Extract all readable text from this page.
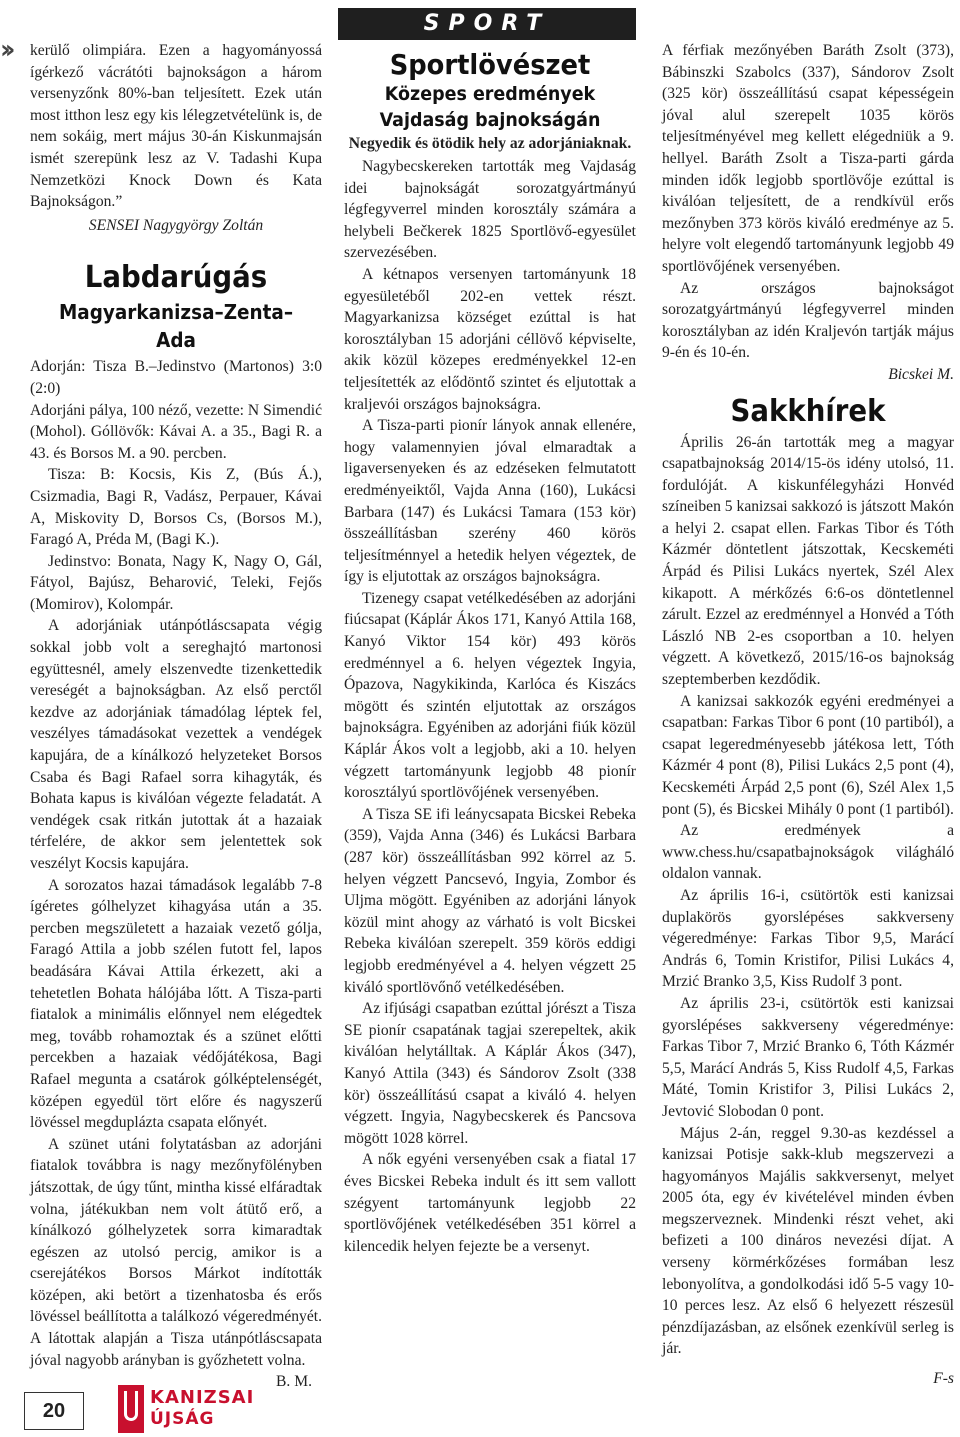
SPORT
›› kerülő olimpiára. Ezen a hagyományossá ígérkező vácrátóti bajnokságon a három versenyzőnk 80%-ban teljesített. Ezek után most itthon lesz egy kis lélegzetvételünk is, de nem sokáig, mert május 30-án Kiskunmajsán ismét szerepünk lesz az V. Tadashi Kupa Nemzetközi Knock Down és Kata Bajnokságon.”

SENSEI Nagygyörgy Zoltán
Labdarúgás
Magyarkanizsa–Zenta–Ada

Adorján: Tisza B.–Jedinstvo (Martonos) 3:0 (2:0)

Adorjáni pálya, 100 néző, vezette: N Simendić (Mohol). Góllövők: Kávai A. a 35., Bagi R. a 43. és Borsos M. a 90. percben.

Tisza: B: Kocsis, Kis Z, (Bús Á.), Csizmadia, Bagi R, Vadász, Perpauer, Kávai A, Miskovity D, Borsos Cs, (Borsos M.), Faragó A, Préda M, (Bagi K.).

Jedinstvo: Bonata, Nagy K, Nagy O, Gál, Fátyol, Bajúsz, Beharović, Teleki, Fejős (Momirov), Kolompár.

A adorjániak utánpótláscsapata végig sokkal jobb volt a sereghajtó martonosi együttesnél, amely elszenvedte tizenkettedik vereségét a bajnokságban. Az első perctől kezdve az adorjániak támadólag léptek fel, veszélyes támadásokat vezettek a vendégek kapujára, de a kínálkozó helyzeteket Borsos Csaba és Bagi Rafael sorra kihagyták, és Bohata kapus is kiválóan végezte feladatát. A vendégek csak ritkán jutottak át a hazaiak térfelére, de akkor sem jelentettek sok veszélyt Kocsis kapujára.

A sorozatos hazai támadások legalább 7-8 ígéretes gólhelyzet kihagyása után a 35. percben megszületett a hazaiak vezető gólja, Faragó Attila a jobb szélen futott fel, lapos beadására Kávai Attila érkezett, aki a tehetetlen Bohata hálójába lőtt. A Tisza-parti fiatalok a minimális előnnyel nem elégedtek meg, tovább rohamoztak és a szünet előtti percekben a hazaiak védőjátékosa, Bagi Rafael megunta a csatárok gólképtelenségét, középen egyedül tört előre és nagyszerű lövéssel megduplázta csapata előnyét.

A szünet utáni folytatásban az adorjáni fiatalok továbbra is nagy mezőnyfölényben játszottak, de úgy tűnt, mintha kissé elfáradtak volna, játékukban nem volt átütő erő, a kínálkozó gólhelyzetek sorra kimaradtak egészen az utolsó percig, amikor is a cserejátékos Borsos Márkot indították középen, aki betört a tizenhatosba és erős lövéssel beállította a találkozó végeredményét. A látottak alapján a Tisza utánpótláscsapata jóval nagyobb arányban is győzhetett volna.

B. M.
Sportlövészet
Közepes eredmények
Vajdaság bajnokságán
Negyedik és ötödik hely az adorjániaknak.

Nagybecskereken tartották meg Vajdaság idei bajnokságát sorozatgyártmányú légfegyverrel minden korosztály számára a helybeli Bečkerek 1825 Sportlövő-egyesület szervezésében.

A kétnapos versenyen tartományunk 18 egyesületéből 202-en vettek részt. Magyarkanizsa községet ezúttal is hat korosztályban 15 adorjáni céllövő képviselte, akik közül közepes eredményekkel 12-en teljesítették az elődöntő szintet és eljutottak a kraljevói országos bajnokságra.

A Tisza-parti pionír lányok annak ellenére, hogy valamennyien jóval elmaradtak a ligaversenyeken és az edzéseken felmutatott eredményeiktől, Vajda Anna (160), Lukácsi Barbara (147) és Lukácsi Tamara (153 kör) összeállításban szerény 460 körös teljesítménnyel a hetedik helyen végeztek, de így is eljutottak az országos bajnokságra.

Tizenegy csapat vetélkedésében az adorjáni fiúcsapat (Káplár Ákos 171, Kanyó Attila 168, Kanyó Viktor 154 kör) 493 körös eredménnyel a 6. helyen végeztek Ingyia, Ópazova, Nagykikinda, Karlóca és Kiszács mögött és szintén eljutottak az országos bajnokságra. Egyéniben az adorjáni fiúk közül Káplár Ákos volt a legjobb, aki a 10. helyen végzett tartományunk legjobb 48 pionír korosztályú sportlövőjének versenyében.

A Tisza SE ifi leánycsapata Bicskei Rebeka (359), Vajda Anna (346) és Lukácsi Barbara (287 kör) összeállításban 992 körrel az 5. helyen végzett Pancsevó, Ingyia, Zombor és Uljma mögött. Egyéniben az adorjáni lányok közül mint ahogy az várható is volt Bicskei Rebeka kiválóan szerepelt. 359 körös eddigi legjobb eredményével a 4. helyen végzett 25 kiváló sportlövőnő vetélkedésében.

Az ifjúsági csapatban ezúttal jórészt a Tisza SE pionír csapatának tagjai szerepeltek, akik kiválóan helytálltak. A Káplár Ákos (347), Kanyó Attila (343) és Sándorov Zsolt (338 kör) összeállítású csapat a kiváló 4. helyen végzett. Ingyia, Nagybecskerek és Pancsova mögött 1028 körrel.

A nők egyéni versenyében csak a fiatal 17 éves Bicskei Rebeka indult és itt sem vallott szégyent tartományunk legjobb 22 sportlövőjének vetélkedésében 351 körrel a kilencedik helyen fejezte be a versenyt.

A férfiak mezőnyében Baráth Zsolt (373), Bábinszki Szabolcs (337), Sándorov Zsolt (325 kör) összeállítású csapat képességein jóval alul szerepelt 1035 körös teljesítményével meg kellett elégedniük a 9. hellyel. Baráth Zsolt a Tisza-parti gárda minden idők legjobb sportlövője ezúttal is kiválóan teljesített, de a rendkívül erős mezőnyben 373 körös kiváló eredménye az 5. helyre volt elegendő tartományunk legjobb 49 sportlövőjének versenyében.

Az országos bajnokságot sorozatgyártmányú légfegyverrel minden korosztályban az idén Kraljevón tartják május 9-én és 10-én.

Bicskei M.
Sakkhírek

Április 26-án tartották meg a magyar csapatbajnokság 2014/15-ös idény utolsó, 11. fordulóját. A kiskunfélegyházi Honvéd színeiben 5 kanizsai sakkozó is játszott Makón a helyi 2. csapat ellen. Farkas Tibor és Tóth Kázmér döntetlent játszottak, Kecskeméti Árpád és Pilisi Lukács nyertek, Szél Alex kikapott. A mérkőzés 6:6-os döntetlennel zárult. Ezzel az eredménnyel a Honvéd a Tóth László NB 2-es csoportban a 10. helyen végzett. A következő, 2015/16-os bajnokság szeptemberben kezdődik.

A kanizsai sakkozók egyéni eredményei a csapatban: Farkas Tibor 6 pont (10 partiból), a csapat legeredményesebb játékosa lett, Tóth Kázmér 4 pont (8), Pilisi Lukács 2,5 pont (4), Kecskeméti Árpád 2,5 pont (6), Szél Alex 1,5 pont (5), és Bicskei Mihály 0 pont (1 partiból).

Az eredmények a www.chess.hu/csapatbajnokságok világháló oldalon vannak.

Az április 16-i, csütörtök esti kanizsai duplakörös gyorslépéses sakkverseny végeredménye: Farkas Tibor 9,5, Marácí András 6, Tomin Kristifor, Pilisi Lukács 4, Mrzić Branko 3,5, Kiss Rudolf 3 pont.

Az április 23-i, csütörtök esti kanizsai gyorslépéses sakkverseny végeredménye: Farkas Tibor 7, Mrzić Branko 6, Tóth Kázmér 5,5, Marácí András 5, Kiss Rudolf 4,5, Farkas Máté, Tomin Kristifor 3, Pilisi Lukács 2, Jevtović Slobodan 0 pont.

Május 2-án, reggel 9.30-as kezdéssel a kanizsai Potisje sakk-klub megszervezi a hagyományos Majális sakkversenyt, melyet 2005 óta, egy év kivételével minden évben megszerveznek. Mindenki részt vehet, aki befizeti a 100 dináros nevezési díjat. A verseny körmérkőzéses formában lesz lebonyolítva, a gondolkodási idő 5-5 vagy 10-10 perces lesz. Az első 6 helyezett részesül pénzdíjazásban, az elsőnek ezenkívül serleg is jár.

F-s
20
KANIZSAI
ÚJSÁG
